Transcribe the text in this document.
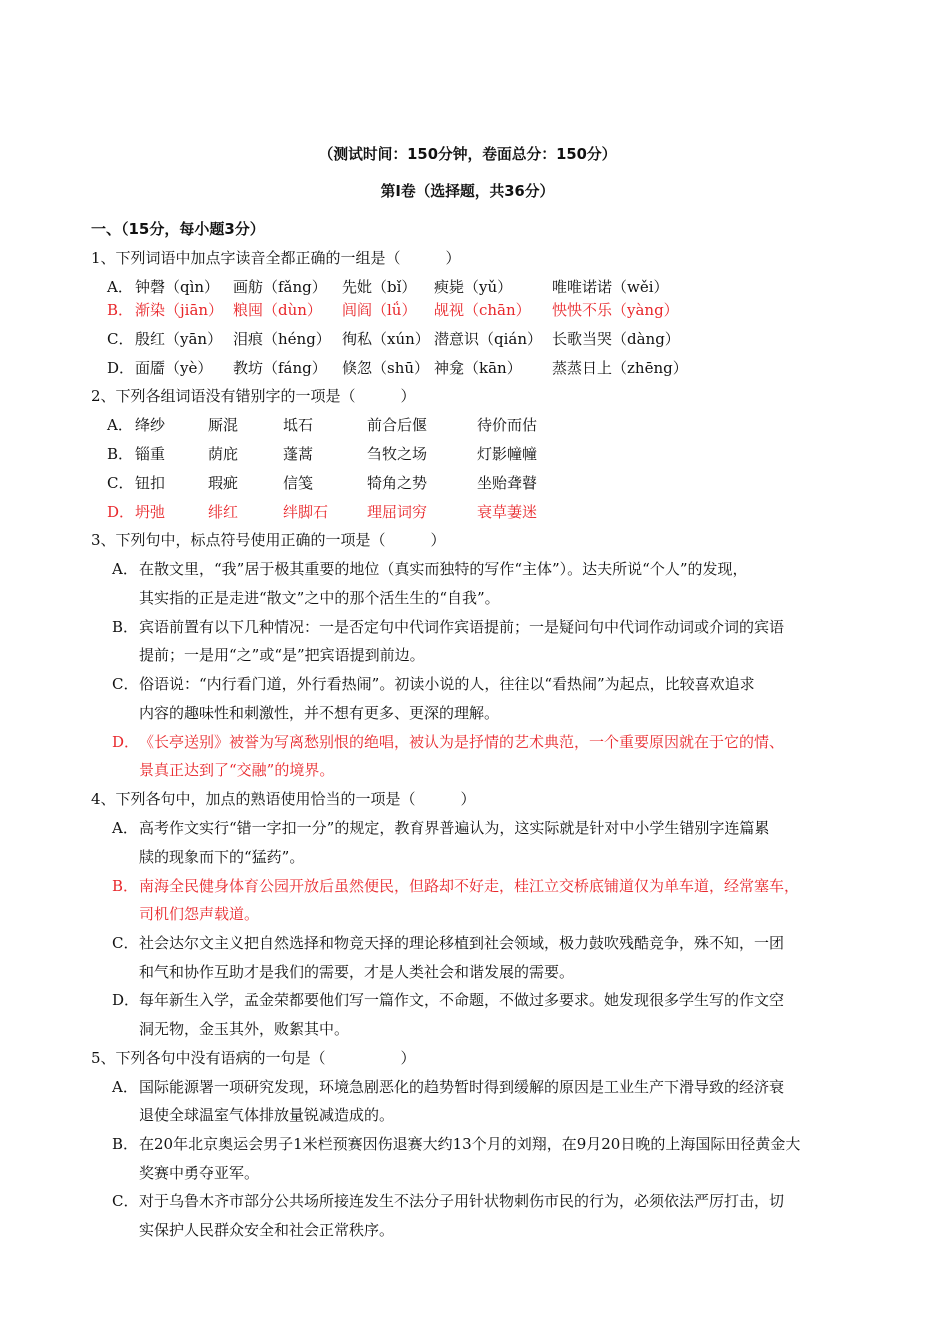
（测试时间：150分钟，卷面总分：150分）
第Ⅰ卷（选择题，共36分）
一、（15分，每小题3分）
1、下列词语中加点字读音全都正确的一组是（　　　）
A． 钟磬（qìn） 画舫（fǎng） 先妣（bǐ） 瘐毙（yǔ）	唯唯诺诺（wěi）
B． 渐染（jiān） 粮囤（dùn） 闾阎（lǘ） 觇视（chān） 怏怏不乐（yàng）
C． 殷红（yān） 泪痕（héng） 徇私（xún） 潜意识（qián） 长歌当哭（dàng）
D． 面靥（yè） 教坊（fáng） 倏忽（shū） 神龛（kān） 蒸蒸日上（zhēng）
2、下列各组词语没有错别字的一项是（　　　）
A． 绛纱	厮混	坻石	前合后偃	待价而估
B． 锱重	荫庇	蓬蒿	刍牧之场	灯影幢幢
C． 钮扣	瑕疵	信笺	犄角之势	坐贻聋瞽
D． 坍弛	绯红	绊脚石	理屈词穷	衰草萋迷
3、下列句中，标点符号使用正确的一项是（　　　）
A． 在散文里，“我”居于极其重要的地位（真实而独特的写作“主体”）。达夫所说“个人”的发现，
其实指的正是走进“散文”之中的那个活生生的“自我”。
B． 宾语前置有以下几种情况：一是否定句中代词作宾语提前；一是疑问句中代词作动词或介词的宾语
提前；一是用“之”或“是”把宾语提到前边。
C． 俗语说：“内行看门道，外行看热闹”。初读小说的人，往往以“看热闹”为起点，比较喜欢追求
内容的趣味性和刺激性，并不想有更多、更深的理解。
D． 《长亭送别》被誉为写离愁别恨的绝唱，被认为是抒情的艺术典范，一个重要原因就在于它的情、
景真正达到了“交融”的境界。
4、下列各句中，加点的熟语使用恰当的一项是（　　　）
A． 高考作文实行“错一字扣一分”的规定，教育界普遍认为，这实际就是针对中小学生错别字连篇累
牍的现象而下的“猛药”。
B． 南海全民健身体育公园开放后虽然便民，但路却不好走，桂江立交桥底铺道仅为单车道，经常塞车，
司机们怨声载道。
C． 社会达尔文主义把自然选择和物竞天择的理论移植到社会领域，极力鼓吹残酷竞争，殊不知，一团
和气和协作互助才是我们的需要，才是人类社会和谐发展的需要。
D． 每年新生入学，孟金荣都要他们写一篇作文，不命题，不做过多要求。她发现很多学生写的作文空
洞无物，金玉其外，败絮其中。
5、下列各句中没有语病的一句是（　　　　　）
A． 国际能源署一项研究发现，环境急剧恶化的趋势暂时得到缓解的原因是工业生产下滑导致的经济衰
退使全球温室气体排放量锐减造成的。
B． 在20年北京奥运会男子1米栏预赛因伤退赛大约13个月的刘翔，在9月20日晚的上海国际田径黄金大
奖赛中勇夺亚军。
C． 对于乌鲁木齐市部分公共场所接连发生不法分子用针状物刺伤市民的行为，必须依法严厉打击，切
实保护人民群众安全和社会正常秩序。
